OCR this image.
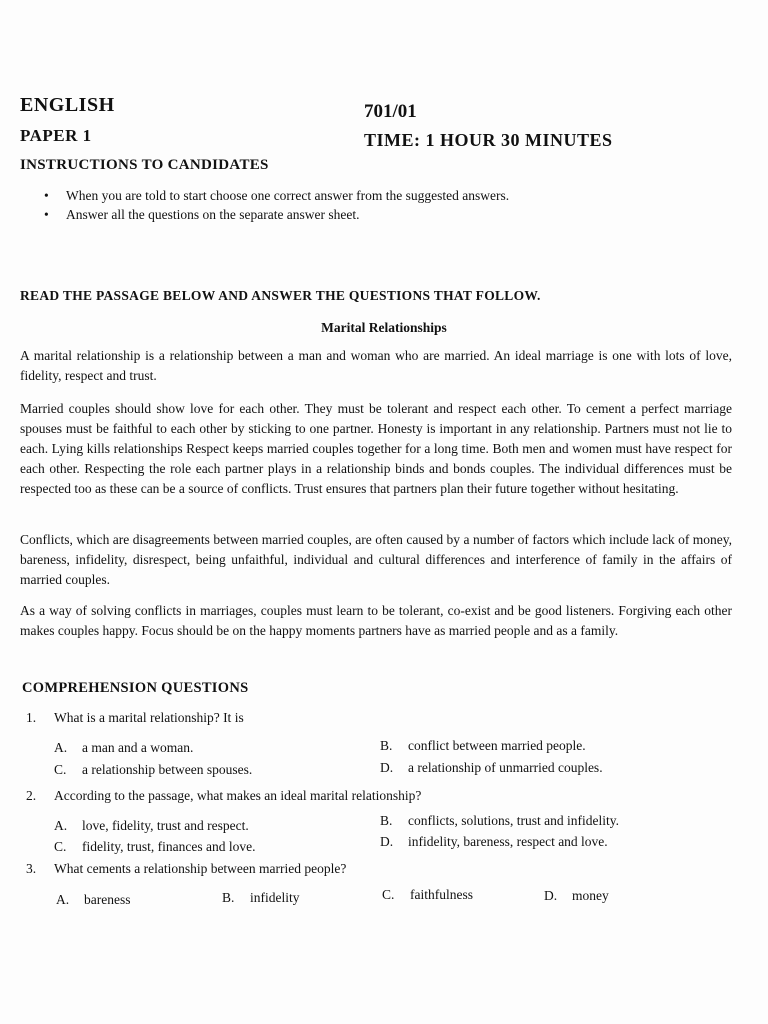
ENGLISH	701/01
PAPER 1	TIME: 1 HOUR 30 MINUTES
INSTRUCTIONS TO CANDIDATES
• When you are told to start choose one correct answer from the suggested answers.
• Answer all the questions on the separate answer sheet.
READ THE PASSAGE BELOW AND ANSWER THE QUESTIONS THAT FOLLOW.
Marital Relationships
A marital relationship is a relationship between a man and woman who are married. An ideal marriage is one with lots of love, fidelity, respect and trust.
Married couples should show love for each other. They must be tolerant and respect each other. To cement a perfect marriage spouses must be faithful to each other by sticking to one partner. Honesty is important in any relationship. Partners must not lie to each. Lying kills relationships Respect keeps married couples together for a long time. Both men and women must have respect for each other. Respecting the role each partner plays in a relationship binds and bonds couples. The individual differences must be respected too as these can be a source of conflicts. Trust ensures that partners plan their future together without hesitating.
Conflicts, which are disagreements between married couples, are often caused by a number of factors which include lack of money, bareness, infidelity, disrespect, being unfaithful, individual and cultural differences and interference of family in the affairs of married couples.
As a way of solving conflicts in marriages, couples must learn to be tolerant, co-exist and be good listeners. Forgiving each other makes couples happy. Focus should be on the happy moments partners have as married people and as a family.
COMPREHENSION QUESTIONS
1. What is a marital relationship? It is
A. a man and a woman.	B. conflict between married people.
C. a relationship between spouses.	D. a relationship of unmarried couples.
2. According to the passage, what makes an ideal marital relationship?
A. love, fidelity, trust and respect.	B. conflicts, solutions, trust and infidelity.
C. fidelity, trust, finances and love.	D. infidelity, bareness, respect and love.
3. What cements a relationship between married people?
A. bareness	B. infidelity	C. faithfulness	D. money
